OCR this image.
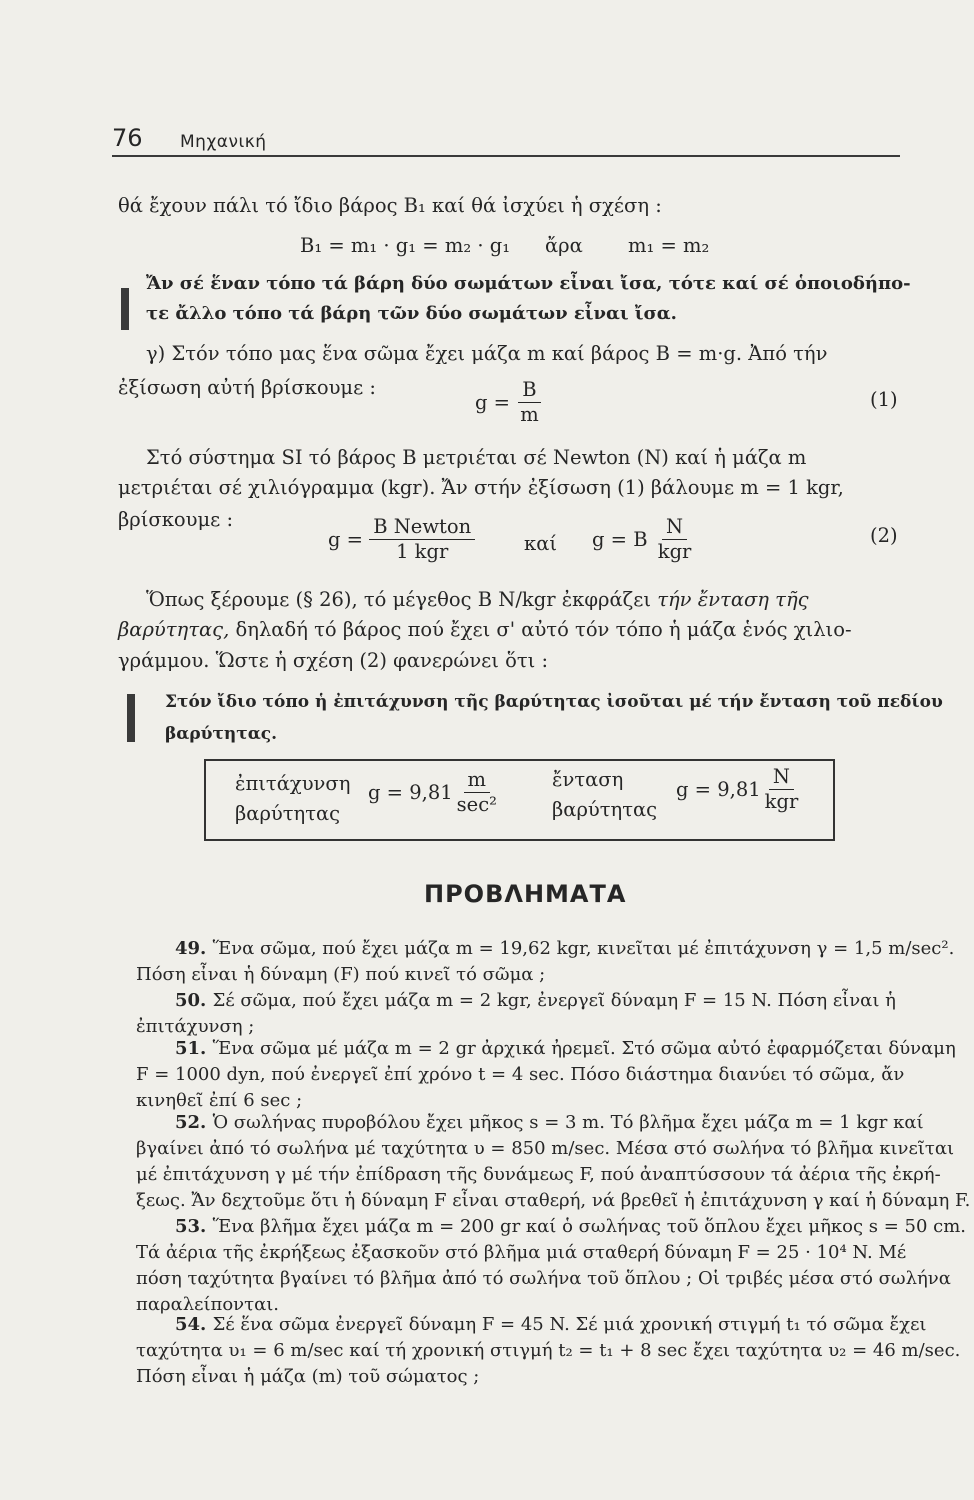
76 Μηχανική
θά ἔχουν πάλι τό ἴδιο βάρος B₁ καί θά ἰσχύει ἡ σχέση :
B₁ = m₁ · g₁ = m₂ · g₁ ἄρα m₁ = m₂
Ἄν σέ ἕναν τόπο τά βάρη δύο σωμάτων εἶναι ἴσα, τότε καί σέ ὁποιοδήπο-
τε ἄλλο τόπο τά βάρη τῶν δύο σωμάτων εἶναι ἴσα.
γ) Στόν τόπο μας ἕνα σῶμα ἔχει μάζα m καί βάρος B = m·g. Ἀπό τήν
ἐξίσωση αὐτή βρίσκουμε :
$g = \frac{B}{m}$	(1)
Στό σύστημα SI τό βάρος B μετριέται σέ Newton (N) καί ἡ μάζα m
μετριέται σέ χιλιόγραμμα (kgr). Ἄν στήν ἐξίσωση (1) βάλουμε m = 1 kgr,
βρίσκουμε :
$g = \frac{\text{B Newton}}{\text{1 kgr}}$	καί g = B $\frac{N}{\text{kgr}}$	(2)
Ὅπως ξέρουμε (§ 26), τό μέγεθος B N/kgr ἐκφράζει τήν ἔνταση τῆς
βαρύτητας, δηλαδή τό βάρος πού ἔχει σ' αὐτό τόν τόπο ἡ μάζα ἑνός χιλιο-
γράμμου. Ὥστε ἡ σχέση (2) φανερώνει ὅτι :
Στόν ἴδιο τόπο ἡ ἐπιτάχυνση τῆς βαρύτητας ἰσοῦται μέ τήν ἔνταση τοῦ πεδίου
βαρύτητας.
ἐπιτάχυνση
βαρύτητας
$g = 9,81 \frac{m}{\text{sec²}}$	ἔνταση
βαρύτητας
$g = 9,81 \frac{N}{\text{kgr}}$
ΠΡΟΒΛΗΜΑΤΑ
49. Ἕνα σῶμα, πού ἔχει μάζα m = 19,62 kgr, κινεῖται μέ ἐπιτάχυνση γ = 1,5 m/sec².
Πόση εἶναι ἡ δύναμη (F) πού κινεῖ τό σῶμα ;
50. Σέ σῶμα, πού ἔχει μάζα m = 2 kgr, ἐνεργεῖ δύναμη F = 15 N. Πόση εἶναι ἡ
ἐπιτάχυνση ;
51. Ἕνα σῶμα μέ μάζα m = 2 gr ἀρχικά ἠρεμεῖ. Στό σῶμα αὐτό ἐφαρμόζεται δύναμη
F = 1000 dyn, πού ἐνεργεῖ ἐπί χρόνο t = 4 sec. Πόσο διάστημα διανύει τό σῶμα, ἄν
κινηθεῖ ἐπί 6 sec ;
52. Ὁ σωλήνας πυροβόλου ἔχει μῆκος s = 3 m. Τό βλῆμα ἔχει μάζα m = 1 kgr καί
βγαίνει ἀπό τό σωλήνα μέ ταχύτητα υ = 850 m/sec. Μέσα στό σωλήνα τό βλῆμα κινεῖται
μέ ἐπιτάχυνση γ μέ τήν ἐπίδραση τῆς δυνάμεως F, πού ἀναπτύσσουν τά ἀέρια τῆς ἐκρή-
ξεως. Ἄν δεχτοῦμε ὅτι ἡ δύναμη F εἶναι σταθερή, νά βρεθεῖ ἡ ἐπιτάχυνση γ καί ἡ δύναμη F.
53. Ἕνα βλῆμα ἔχει μάζα m = 200 gr καί ὁ σωλήνας τοῦ ὅπλου ἔχει μῆκος s = 50 cm.
Τά ἀέρια τῆς ἐκρήξεως ἐξασκοῦν στό βλῆμα μιά σταθερή δύναμη F = 25 · 10⁴ N. Μέ
πόση ταχύτητα βγαίνει τό βλῆμα ἀπό τό σωλήνα τοῦ ὅπλου ; Οἱ τριβές μέσα στό σωλήνα
παραλείπονται.
54. Σέ ἕνα σῶμα ἐνεργεῖ δύναμη F = 45 N. Σέ μιά χρονική στιγμή t₁ τό σῶμα ἔχει
ταχύτητα υ₁ = 6 m/sec καί τή χρονική στιγμή t₂ = t₁ + 8 sec ἔχει ταχύτητα υ₂ = 46 m/sec.
Πόση εἶναι ἡ μάζα (m) τοῦ σώματος ;
